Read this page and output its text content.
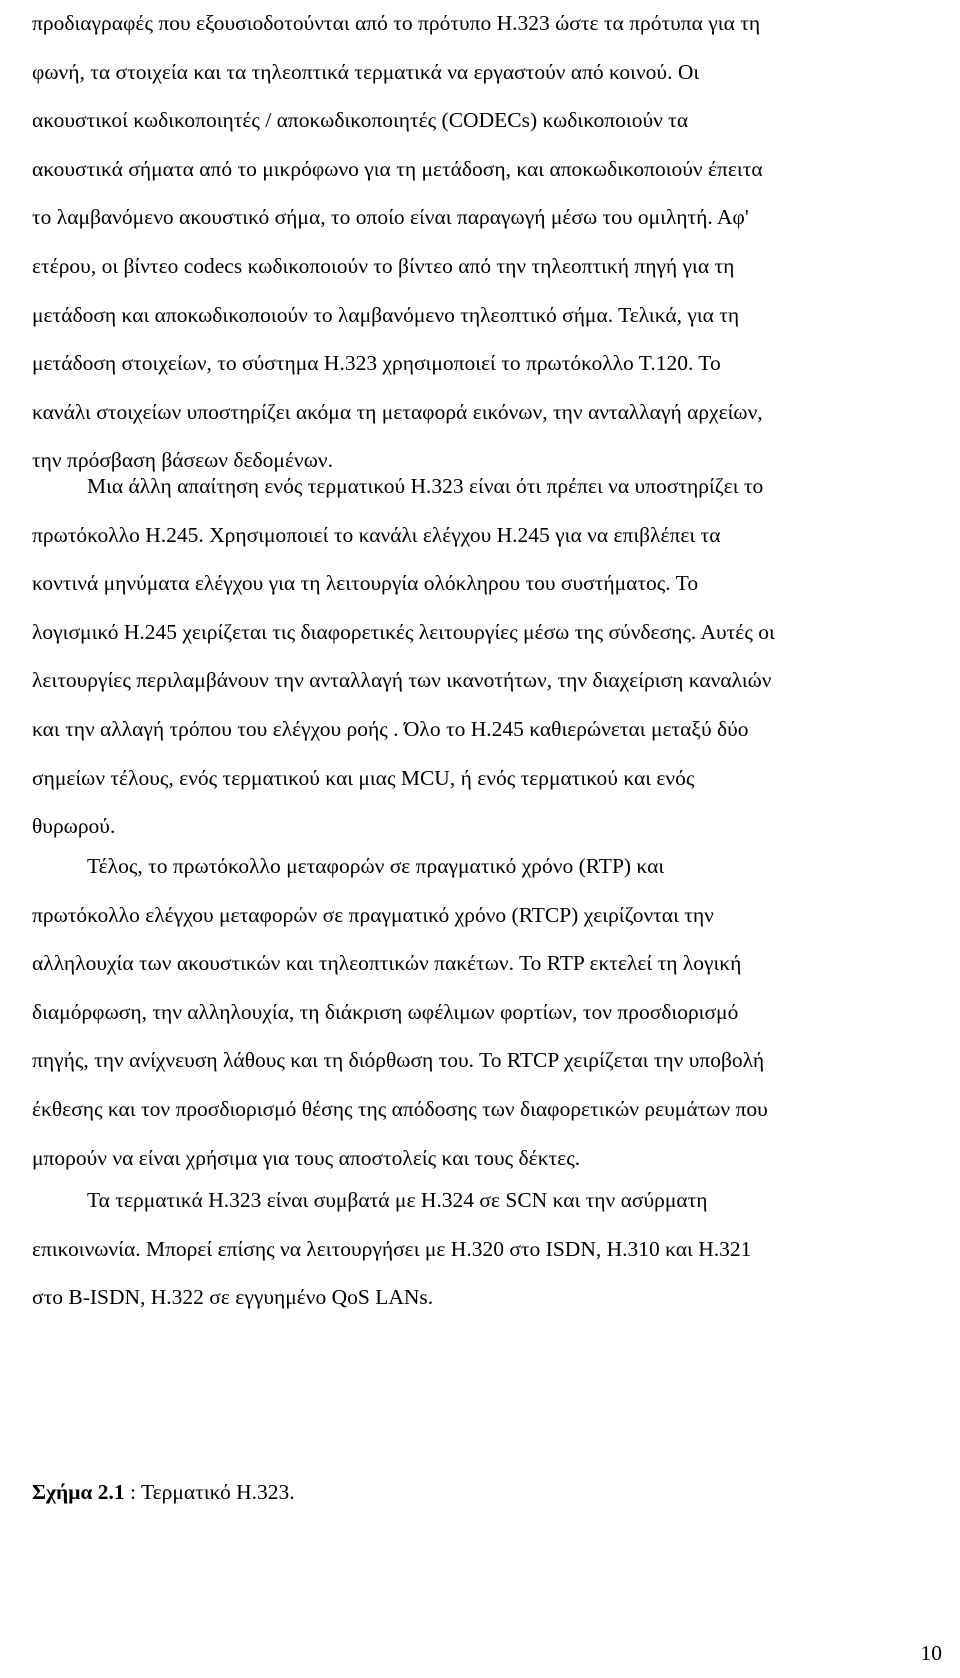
προδιαγραφές που εξουσιοδοτούνται από το πρότυπο Η.323 ώστε τα πρότυπα για τη
φωνή, τα στοιχεία και τα τηλεοπτικά τερματικά να εργαστούν από κοινού. Οι
ακουστικοί κωδικοποιητές / αποκωδικοποιητές (CODECs) κωδικοποιούν τα
ακουστικά σήματα από το μικρόφωνο για τη μετάδοση, και αποκωδικοποιούν έπειτα
το λαμβανόμενο ακουστικό σήμα, το οποίο είναι παραγωγή μέσω του ομιλητή. Αφ'
ετέρου, οι βίντεο codecs κωδικοποιούν το βίντεο από την τηλεοπτική πηγή για τη
μετάδοση και αποκωδικοποιούν το λαμβανόμενο τηλεοπτικό σήμα. Τελικά, για τη
μετάδοση στοιχείων, το σύστημα Η.323 χρησιμοποιεί το πρωτόκολλο Τ.120. Το
κανάλι στοιχείων υποστηρίζει ακόμα τη μεταφορά εικόνων, την ανταλλαγή αρχείων,
την πρόσβαση βάσεων δεδομένων.
Μια άλλη απαίτηση ενός τερματικού Η.323 είναι ότι πρέπει να υποστηρίζει το
πρωτόκολλο Η.245. Χρησιμοποιεί το κανάλι ελέγχου Η.245 για να επιβλέπει τα
κοντινά μηνύματα ελέγχου για τη λειτουργία ολόκληρου του συστήματος. Το
λογισμικό Η.245 χειρίζεται τις διαφορετικές λειτουργίες μέσω της σύνδεσης. Αυτές οι
λειτουργίες περιλαμβάνουν την ανταλλαγή των ικανοτήτων, την διαχείριση καναλιών
και την αλλαγή τρόπου του ελέγχου ροής . Όλο το Η.245 καθιερώνεται μεταξύ δύο
σημείων τέλους, ενός τερματικού και μιας MCU, ή ενός τερματικού και ενός
θυρωρού.
Τέλος, το πρωτόκολλο μεταφορών σε πραγματικό χρόνο (RTP) και
πρωτόκολλο ελέγχου μεταφορών σε πραγματικό χρόνο (RTCP) χειρίζονται την
αλληλουχία των ακουστικών και τηλεοπτικών πακέτων. Το RTP εκτελεί τη λογική
διαμόρφωση, την αλληλουχία, τη διάκριση ωφέλιμων φορτίων, τον προσδιορισμό
πηγής, την ανίχνευση λάθους και τη διόρθωση του. Το RTCP χειρίζεται την υποβολή
έκθεσης και τον προσδιορισμό θέσης της απόδοσης των διαφορετικών ρευμάτων που
μπορούν να είναι χρήσιμα για τους αποστολείς και τους δέκτες.
Τα τερματικά Η.323 είναι συμβατά με Η.324 σε SCN και την ασύρματη
επικοινωνία. Μπορεί επίσης να λειτουργήσει με Η.320 στο ISDN, Η.310 και Η.321
στο B-ISDN, Η.322 σε εγγυημένο QoS LANs.

Σχήμα 2.1 : Τερματικό Η.323.

10
